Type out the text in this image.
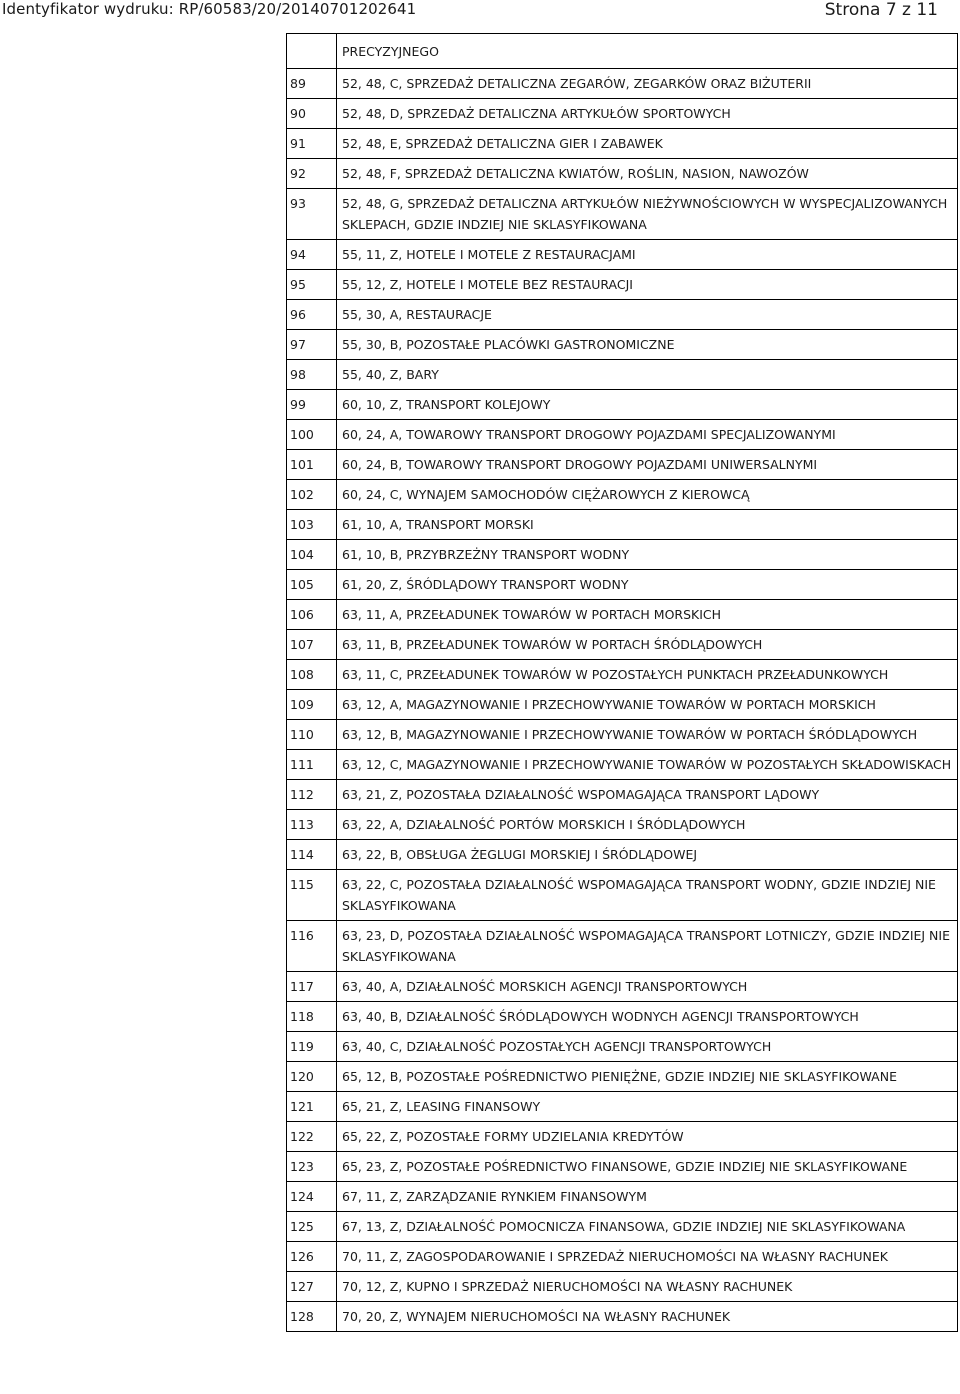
Identyfikator wydruku: RP/60583/20/20140701202641	Strona 7 z 11
	PRECYZYJNEGO
89	52, 48, C, SPRZEDAŻ DETALICZNA ZEGARÓW, ZEGARKÓW ORAZ BIŻUTERII
90	52, 48, D, SPRZEDAŻ DETALICZNA ARTYKUŁÓW SPORTOWYCH
91	52, 48, E, SPRZEDAŻ DETALICZNA GIER I ZABAWEK
92	52, 48, F, SPRZEDAŻ DETALICZNA KWIATÓW, ROŚLIN, NASION, NAWOZÓW
93	52, 48, G, SPRZEDAŻ DETALICZNA ARTYKUŁÓW NIEŻYWNOŚCIOWYCH W WYSPECJALIZOWANYCH SKLEPACH, GDZIE INDZIEJ NIE SKLASYFIKOWANA
94	55, 11, Z, HOTELE I MOTELE Z RESTAURACJAMI
95	55, 12, Z, HOTELE I MOTELE BEZ RESTAURACJI
96	55, 30, A, RESTAURACJE
97	55, 30, B, POZOSTAŁE PLACÓWKI GASTRONOMICZNE
98	55, 40, Z, BARY
99	60, 10, Z, TRANSPORT KOLEJOWY
100	60, 24, A, TOWAROWY TRANSPORT DROGOWY POJAZDAMI SPECJALIZOWANYMI
101	60, 24, B, TOWAROWY TRANSPORT DROGOWY POJAZDAMI UNIWERSALNYMI
102	60, 24, C, WYNAJEM SAMOCHODÓW CIĘŻAROWYCH Z KIEROWCĄ
103	61, 10, A, TRANSPORT MORSKI
104	61, 10, B, PRZYBRZEŻNY TRANSPORT WODNY
105	61, 20, Z, ŚRÓDLĄDOWY TRANSPORT WODNY
106	63, 11, A, PRZEŁADUNEK TOWARÓW W PORTACH MORSKICH
107	63, 11, B, PRZEŁADUNEK TOWARÓW W PORTACH ŚRÓDLĄDOWYCH
108	63, 11, C, PRZEŁADUNEK TOWARÓW W POZOSTAŁYCH PUNKTACH PRZEŁADUNKOWYCH
109	63, 12, A, MAGAZYNOWANIE I PRZECHOWYWANIE TOWARÓW W PORTACH MORSKICH
110	63, 12, B, MAGAZYNOWANIE I PRZECHOWYWANIE TOWARÓW W PORTACH ŚRÓDLĄDOWYCH
111	63, 12, C, MAGAZYNOWANIE I PRZECHOWYWANIE TOWARÓW W POZOSTAŁYCH SKŁADOWISKACH
112	63, 21, Z, POZOSTAŁA DZIAŁALNOŚĆ WSPOMAGAJĄCA TRANSPORT LĄDOWY
113	63, 22, A, DZIAŁALNOŚĆ PORTÓW MORSKICH I ŚRÓDLĄDOWYCH
114	63, 22, B, OBSŁUGA ŻEGLUGI MORSKIEJ I ŚRÓDLĄDOWEJ
115	63, 22, C, POZOSTAŁA DZIAŁALNOŚĆ WSPOMAGAJĄCA TRANSPORT WODNY, GDZIE INDZIEJ NIE SKLASYFIKOWANA
116	63, 23, D, POZOSTAŁA DZIAŁALNOŚĆ WSPOMAGAJĄCA TRANSPORT LOTNICZY, GDZIE INDZIEJ NIE SKLASYFIKOWANA
117	63, 40, A, DZIAŁALNOŚĆ MORSKICH AGENCJI TRANSPORTOWYCH
118	63, 40, B, DZIAŁALNOŚĆ ŚRÓDLĄDOWYCH WODNYCH AGENCJI TRANSPORTOWYCH
119	63, 40, C, DZIAŁALNOŚĆ POZOSTAŁYCH AGENCJI TRANSPORTOWYCH
120	65, 12, B, POZOSTAŁE POŚREDNICTWO PIENIĘŻNE, GDZIE INDZIEJ NIE SKLASYFIKOWANE
121	65, 21, Z, LEASING FINANSOWY
122	65, 22, Z, POZOSTAŁE FORMY UDZIELANIA KREDYTÓW
123	65, 23, Z, POZOSTAŁE POŚREDNICTWO FINANSOWE, GDZIE INDZIEJ NIE SKLASYFIKOWANE
124	67, 11, Z, ZARZĄDZANIE RYNKIEM FINANSOWYM
125	67, 13, Z, DZIAŁALNOŚĆ POMOCNICZA FINANSOWA, GDZIE INDZIEJ NIE SKLASYFIKOWANA
126	70, 11, Z, ZAGOSPODAROWANIE I SPRZEDAŻ NIERUCHOMOŚCI NA WŁASNY RACHUNEK
127	70, 12, Z, KUPNO I SPRZEDAŻ NIERUCHOMOŚCI NA WŁASNY RACHUNEK
128	70, 20, Z, WYNAJEM NIERUCHOMOŚCI NA WŁASNY RACHUNEK
